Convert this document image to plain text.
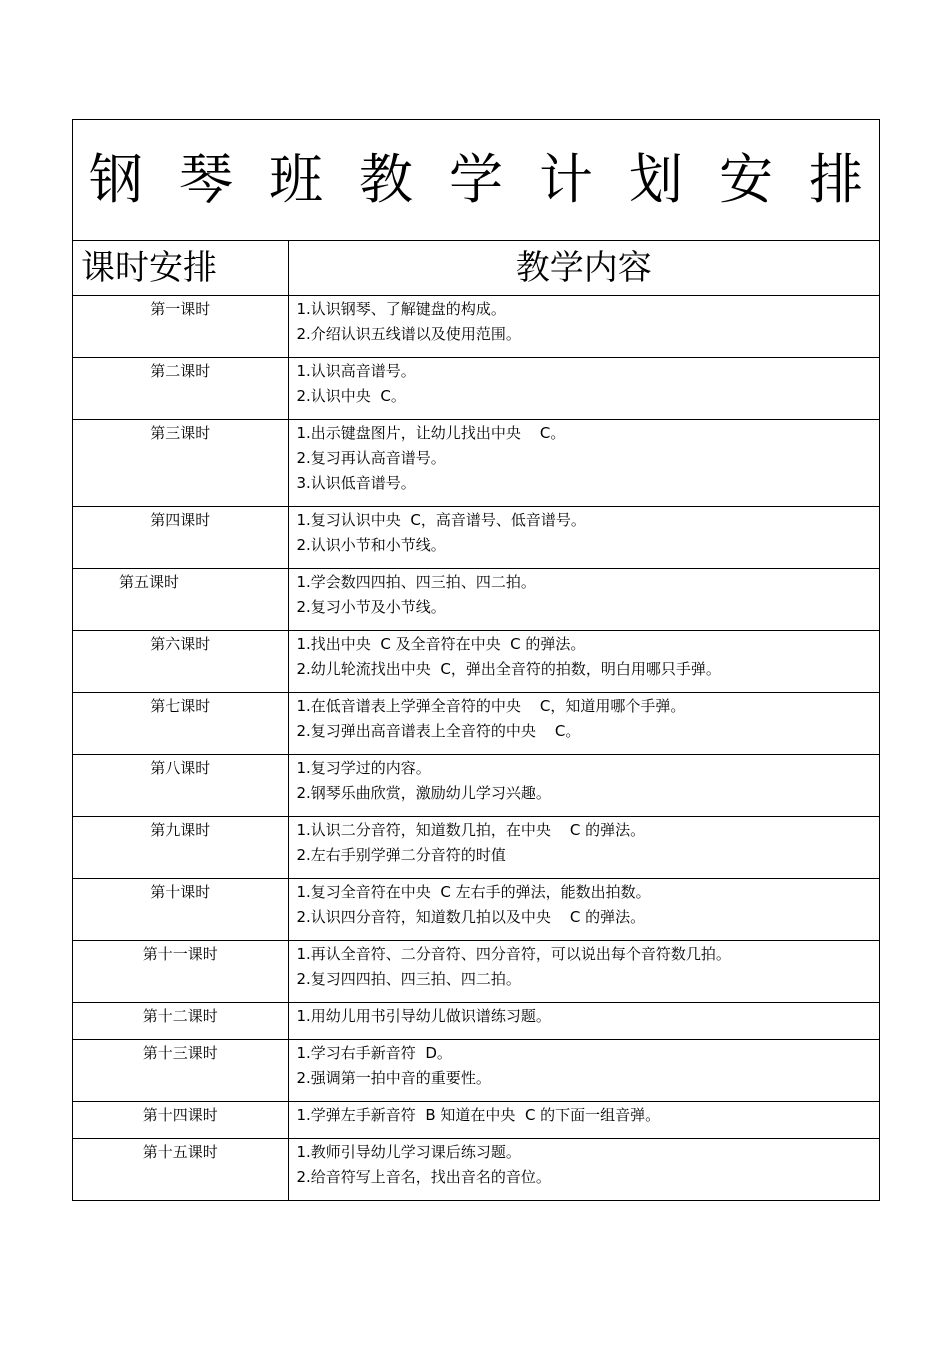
钢琴班教学计划安排
课时安排	教学内容
第一课时	1.认识钢琴、了解键盘的构成。
2.介绍认识五线谱以及使用范围。

第二课时	1.认识高音谱号。
2.认识中央  C。

第三课时	1.出示键盘图片，让幼儿找出中央    C。
2.复习再认高音谱号。
3.认识低音谱号。

第四课时	1.复习认识中央  C，高音谱号、低音谱号。
2.认识小节和小节线。

第五课时	1.学会数四四拍、四三拍、四二拍。
2.复习小节及小节线。

第六课时	1.找出中央  C 及全音符在中央  C 的弹法。
2.幼儿轮流找出中央  C，弹出全音符的拍数，明白用哪只手弹。

第七课时	1.在低音谱表上学弹全音符的中央    C，知道用哪个手弹。
2.复习弹出高音谱表上全音符的中央    C。

第八课时	1.复习学过的内容。
2.钢琴乐曲欣赏，激励幼儿学习兴趣。

第九课时	1.认识二分音符，知道数几拍，在中央    C 的弹法。
2.左右手别学弹二分音符的时值

第十课时	1.复习全音符在中央  C 左右手的弹法，能数出拍数。
2.认识四分音符，知道数几拍以及中央    C 的弹法。

第十一课时	1.再认全音符、二分音符、四分音符，可以说出每个音符数几拍。
2.复习四四拍、四三拍、四二拍。

第十二课时	1.用幼儿用书引导幼儿做识谱练习题。

第十三课时	1.学习右手新音符  D。
2.强调第一拍中音的重要性。

第十四课时	1.学弹左手新音符  B 知道在中央  C 的下面一组音弹。

第十五课时	1.教师引导幼儿学习课后练习题。
2.给音符写上音名，找出音名的音位。
